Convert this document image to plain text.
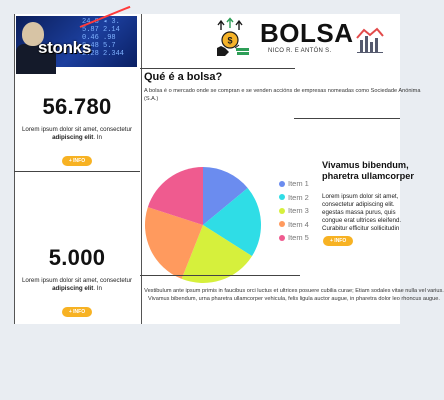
24.8 ◂ 3.
5.87 2.14
0.46 .98
8.48 5.7
2.28 2.344
stonks
56.780
Lorem ipsum dolor sit amet, consectetur adipiscing elit. In
+ INFO
5.000
Lorem ipsum dolor sit amet, consectetur adipiscing elit. In
+ INFO
$ BOLSA
NICO R. E ANTÓN S.
Qué é a bolsa?
A bolsa é o mercado onde se compran e se venden accións de empresas nomeadas como Sociedade Anónima (S.A.)
Item 1
Item 2
Item 3
Item 4
Item 5
Vivamus bibendum,
pharetra ullamcorper
Lorem ipsum dolor sit amet,
consectetur adipiscing elit.
egestas massa purus, quis
congue erat ultrices eleifend.
Curabitur efficitur sollicitudin
+ INFO
Vestibulum ante ipsum primis in faucibus orci luctus et ultrices posuere cubilia curae; Etiam sodales vitae nulla vel varius. Vivamus bibendum, urna pharetra ullamcorper vehicula, felis ligula auctor augue, in pharetra dolor leo rhoncus augue.
